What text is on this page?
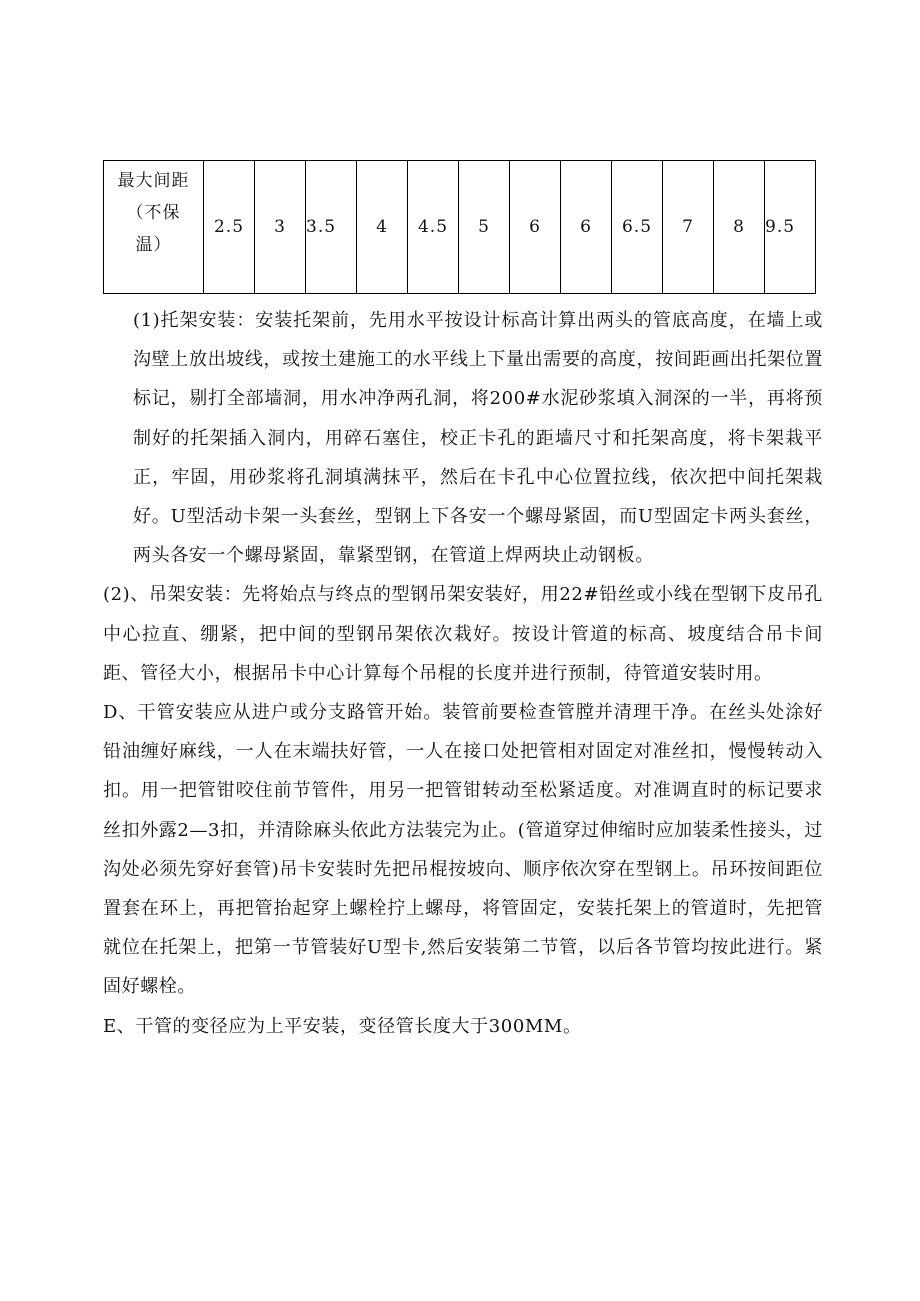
最大间距
（不保
温）
	2.5	3	3.5	4	4.5	5	6	6	6.5	7	8	9.5

(1)托架安装：安装托架前，先用水平按设计标高计算出两头的管底高度，在墙上或沟壁上放出坡线，或按土建施工的水平线上下量出需要的高度，按间距画出托架位置标记，剔打全部墙洞，用水冲净两孔洞，将200#水泥砂浆填入洞深的一半，再将预制好的托架插入洞内，用碎石塞住，校正卡孔的距墙尺寸和托架高度，将卡架栽平正，牢固，用砂浆将孔洞填满抹平，然后在卡孔中心位置拉线，依次把中间托架栽好。U型活动卡架一头套丝，型钢上下各安一个螺母紧固，而U型固定卡两头套丝，两头各安一个螺母紧固，靠紧型钢，在管道上焊两块止动钢板。

(2)、吊架安装：先将始点与终点的型钢吊架安装好，用22#铅丝或小线在型钢下皮吊孔中心拉直、绷紧，把中间的型钢吊架依次栽好。按设计管道的标高、坡度结合吊卡间距、管径大小，根据吊卡中心计算每个吊棍的长度并进行预制，待管道安装时用。

D、干管安装应从进户或分支路管开始。装管前要检查管膛并清理干净。在丝头处涂好铅油缠好麻线，一人在末端扶好管，一人在接口处把管相对固定对准丝扣，慢慢转动入扣。用一把管钳咬住前节管件，用另一把管钳转动至松紧适度。对准调直时的标记要求丝扣外露2—3扣，并清除麻头依此方法装完为止。(管道穿过伸缩时应加装柔性接头，过沟处必须先穿好套管)吊卡安装时先把吊棍按坡向、顺序依次穿在型钢上。吊环按间距位置套在环上，再把管抬起穿上螺栓拧上螺母，将管固定，安装托架上的管道时，先把管就位在托架上，把第一节管装好U型卡,然后安装第二节管，以后各节管均按此进行。紧固好螺栓。

E、干管的变径应为上平安装，变径管长度大于300MM。
